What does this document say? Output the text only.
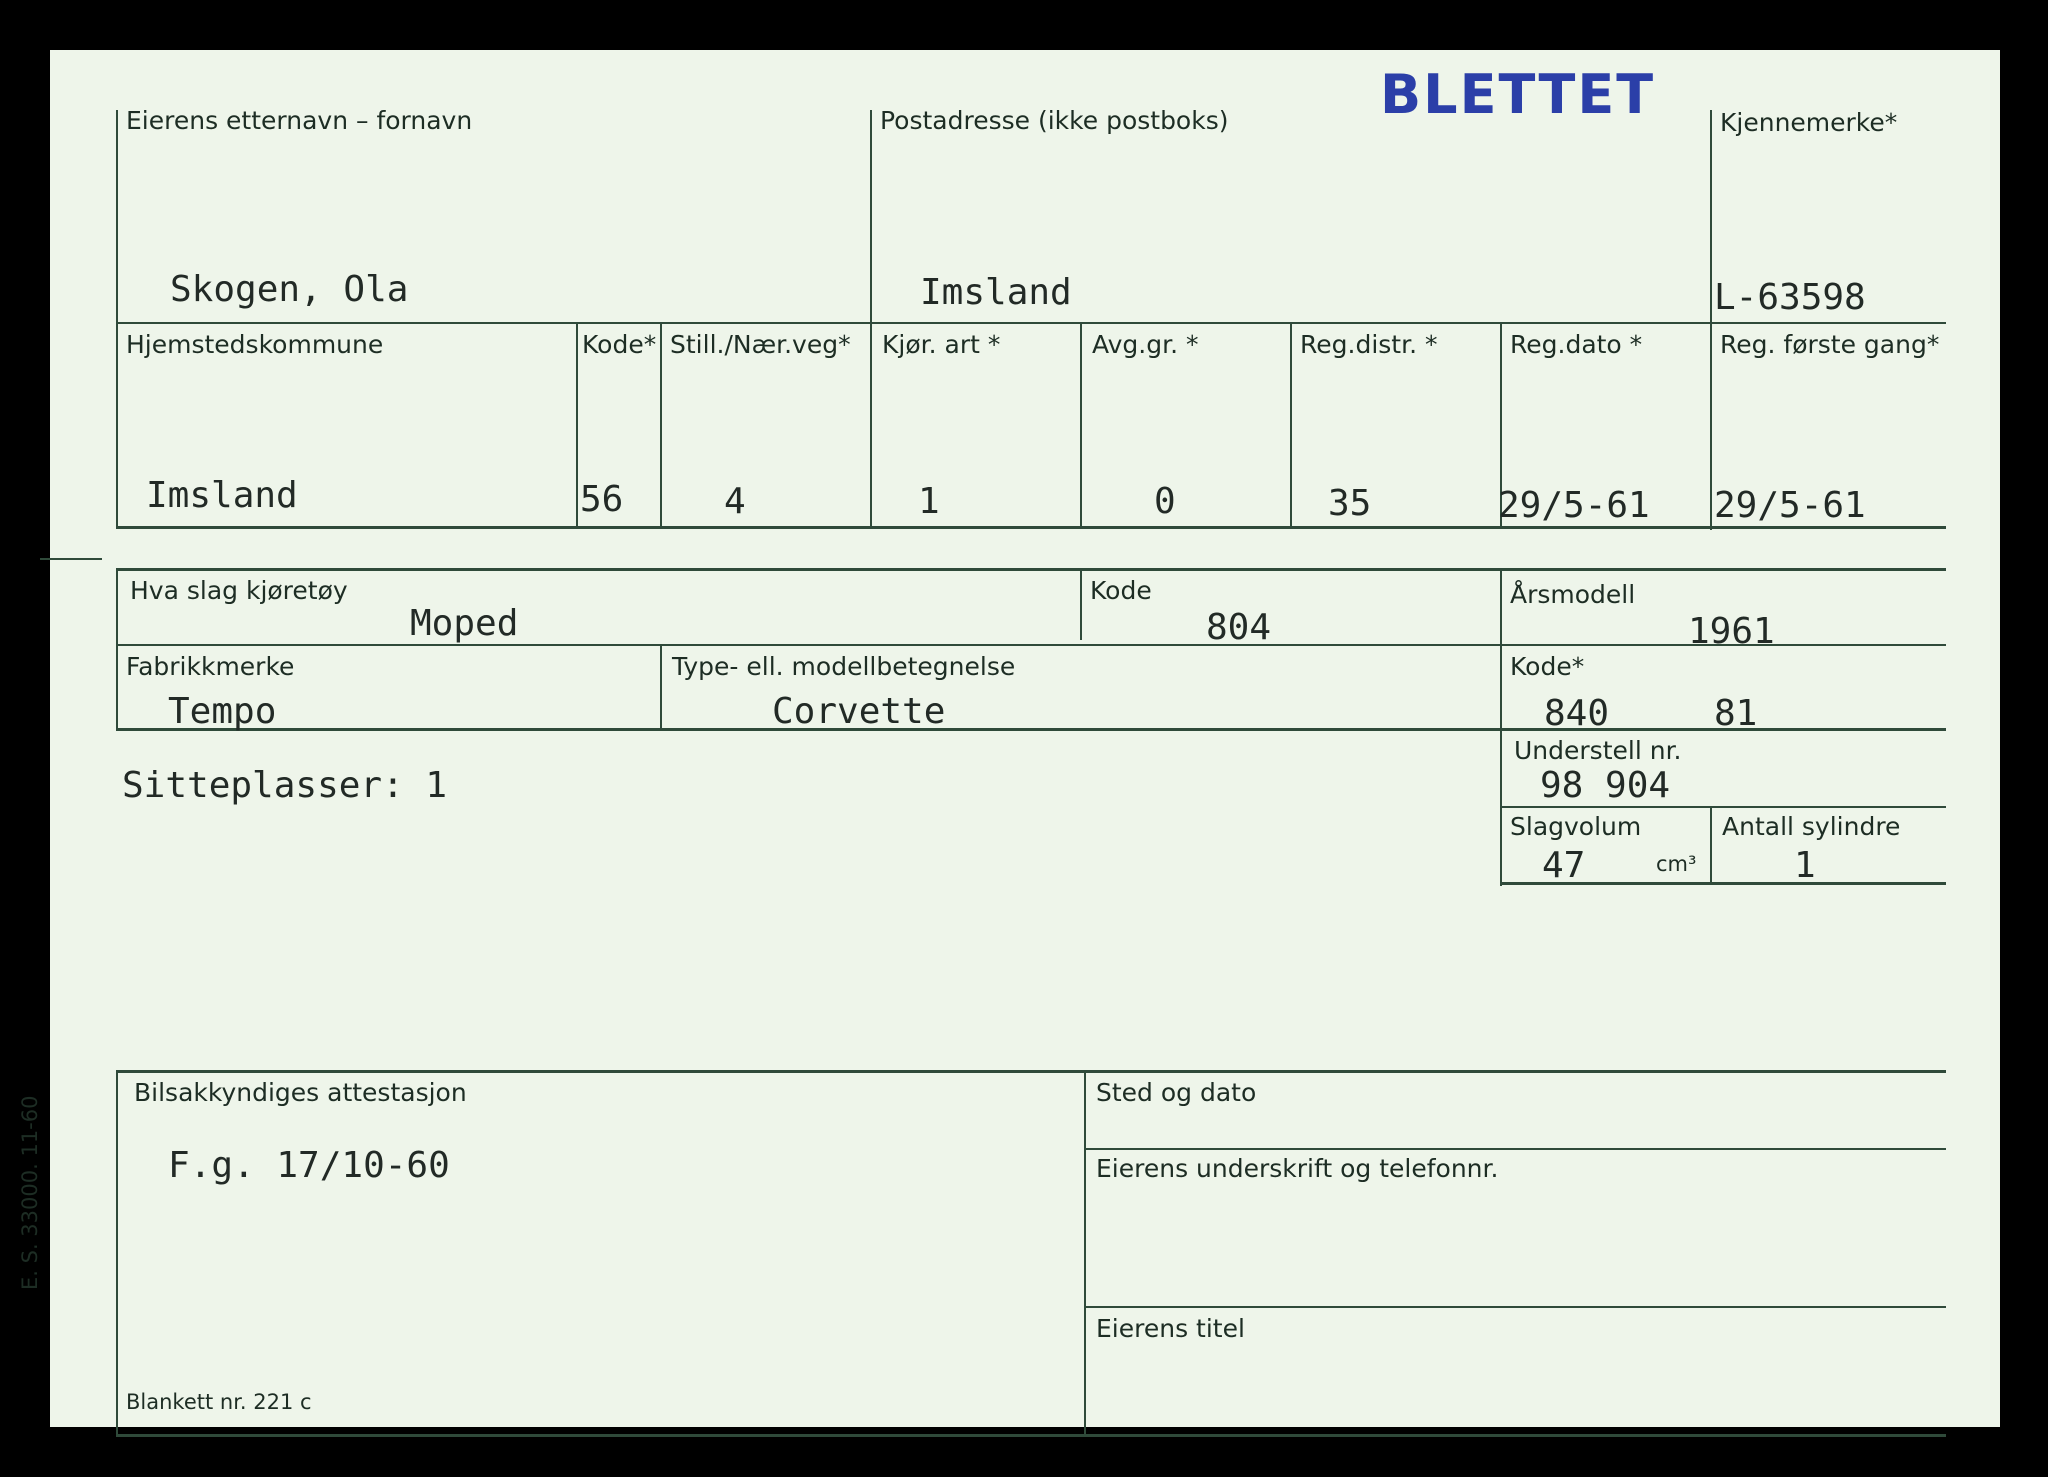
BLETTET
Eierens etternavn – fornavn
Skogen, Ola
Postadresse (ikke postboks)
Imsland
Kjennemerke*
L-63598
Hjemstedskommune
Imsland
Kode*
56
Still./Nær.veg*
4
Kjør. art *
1
Avg.gr. *
0
Reg.distr. *
35
Reg.dato *
29/5-61
Reg. første gang*
29/5-61
Hva slag kjøretøy
Moped
Kode
804
Årsmodell
1961
Fabrikkmerke
Tempo
Type- ell. modellbetegnelse
Corvette
Kode*
840	81
Understell nr.
98 904
Slagvolum
47	cm³
Antall sylindre
1
Sitteplasser: 1
Bilsakkyndiges attestasjon
F.g. 17/10-60
Sted og dato
Eierens underskrift og telefonnr.
Eierens titel
Blankett nr. 221 c
E. S. 33000. 11-60
